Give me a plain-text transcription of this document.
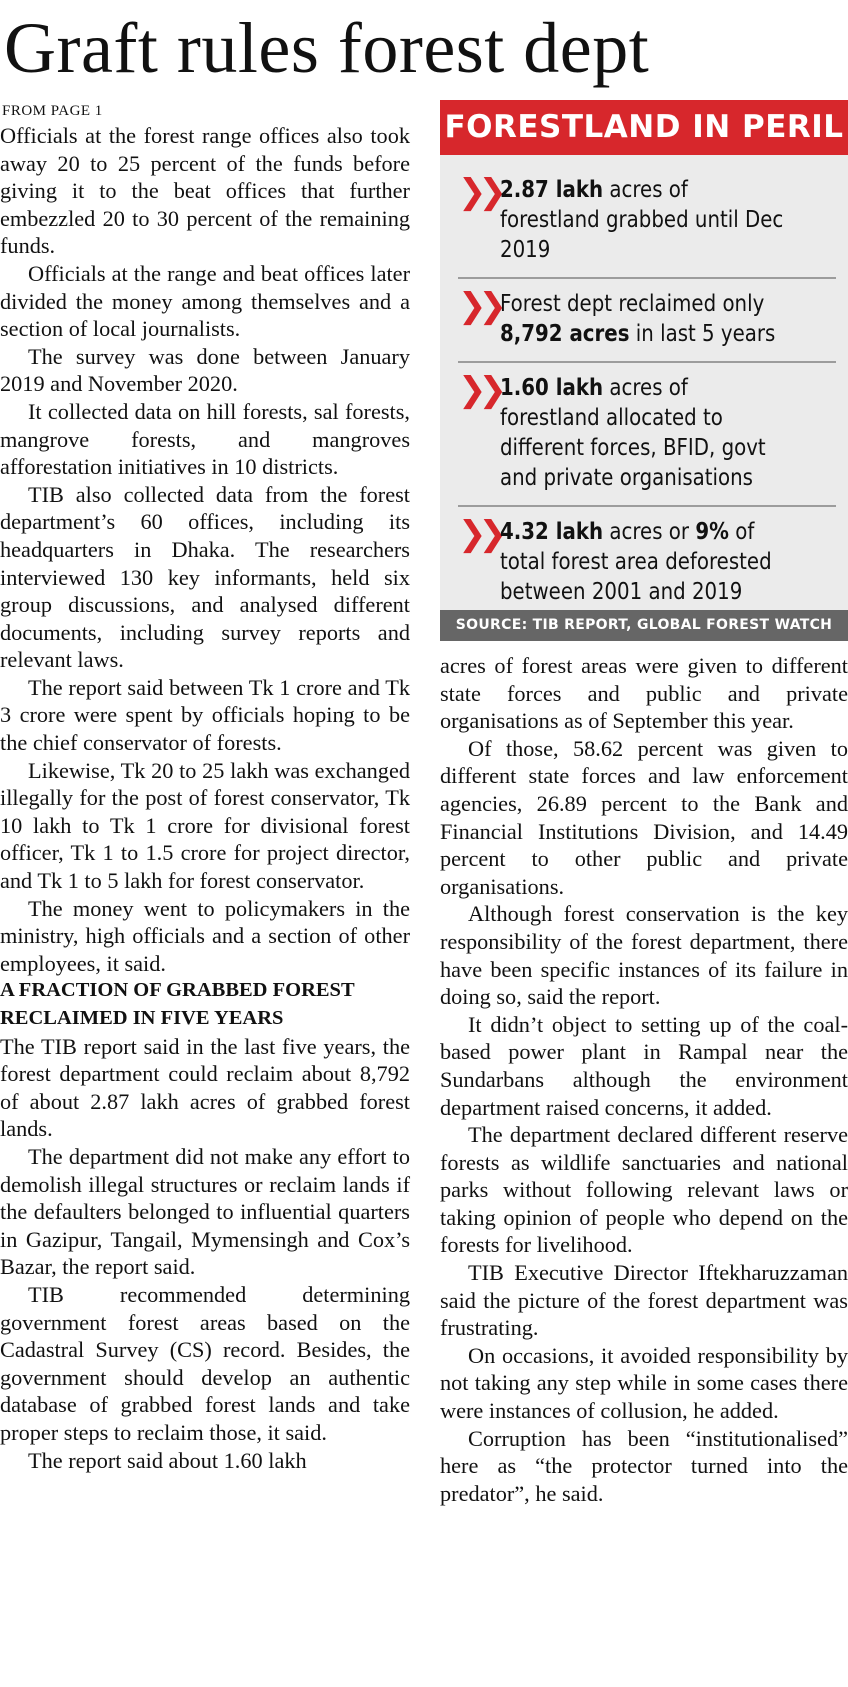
Graft rules forest dept
FROM PAGE 1

Officials at the forest range offices also took away 20 to 25 percent of the funds before giving it to the beat offices that further embezzled 20 to 30 percent of the remaining funds.

Officials at the range and beat offices later divided the money among themselves and a section of local journalists.

The survey was done between January 2019 and November 2020.

It collected data on hill forests, sal forests, mangrove forests, and mangroves afforestation initiatives in 10 districts.

TIB also collected data from the forest department’s 60 offices, including its headquarters in Dhaka. The researchers interviewed 130 key informants, held six group discussions, and analysed different documents, including survey reports and relevant laws.

The report said between Tk 1 crore and Tk 3 crore were spent by officials hoping to be the chief conservator of forests.

Likewise, Tk 20 to 25 lakh was exchanged illegally for the post of forest conservator, Tk 10 lakh to Tk 1 crore for divisional forest officer, Tk 1 to 1.5 crore for project director, and Tk 1 to 5 lakh for forest conservator.

The money went to policymakers in the ministry, high officials and a section of other employees, it said.

A FRACTION OF GRABBED FOREST RECLAIMED IN FIVE YEARS

The TIB report said in the last five years, the forest department could reclaim about 8,792 of about 2.87 lakh acres of grabbed forest lands.

The department did not make any effort to demolish illegal structures or reclaim lands if the defaulters belonged to influential quarters in Gazipur, Tangail, Mymensingh and Cox’s Bazar, the report said.

TIB recommended determining government forest areas based on the Cadastral Survey (CS) record. Besides, the government should develop an authentic database of grabbed forest lands and take proper steps to reclaim those, it said.

The report said about 1.60 lakh

FORESTLAND IN PERIL
❯❯ 2.87 lakh acres of forestland grabbed until Dec 2019
❯❯ Forest dept reclaimed only 8,792 acres in last 5 years
❯❯ 1.60 lakh acres of forestland allocated to different forces, BFID, govt and private organisations
❯❯ 4.32 lakh acres or 9% of total forest area deforested between 2001 and 2019
SOURCE: TIB REPORT, GLOBAL FOREST WATCH

acres of forest areas were given to different state forces and public and private organisations as of September this year.

Of those, 58.62 percent was given to different state forces and law enforcement agencies, 26.89 percent to the Bank and Financial Institutions Division, and 14.49 percent to other public and private organisations.

Although forest conservation is the key responsibility of the forest department, there have been specific instances of its failure in doing so, said the report.

It didn’t object to setting up of the coal-based power plant in Rampal near the Sundarbans although the environment department raised concerns, it added.

The department declared different reserve forests as wildlife sanctuaries and national parks without following relevant laws or taking opinion of people who depend on the forests for livelihood.

TIB Executive Director Iftekharuzzaman said the picture of the forest department was frustrating.

On occasions, it avoided responsibility by not taking any step while in some cases there were instances of collusion, he added.

Corruption has been “institutionalised” here as “the protector turned into the predator”, he said.
